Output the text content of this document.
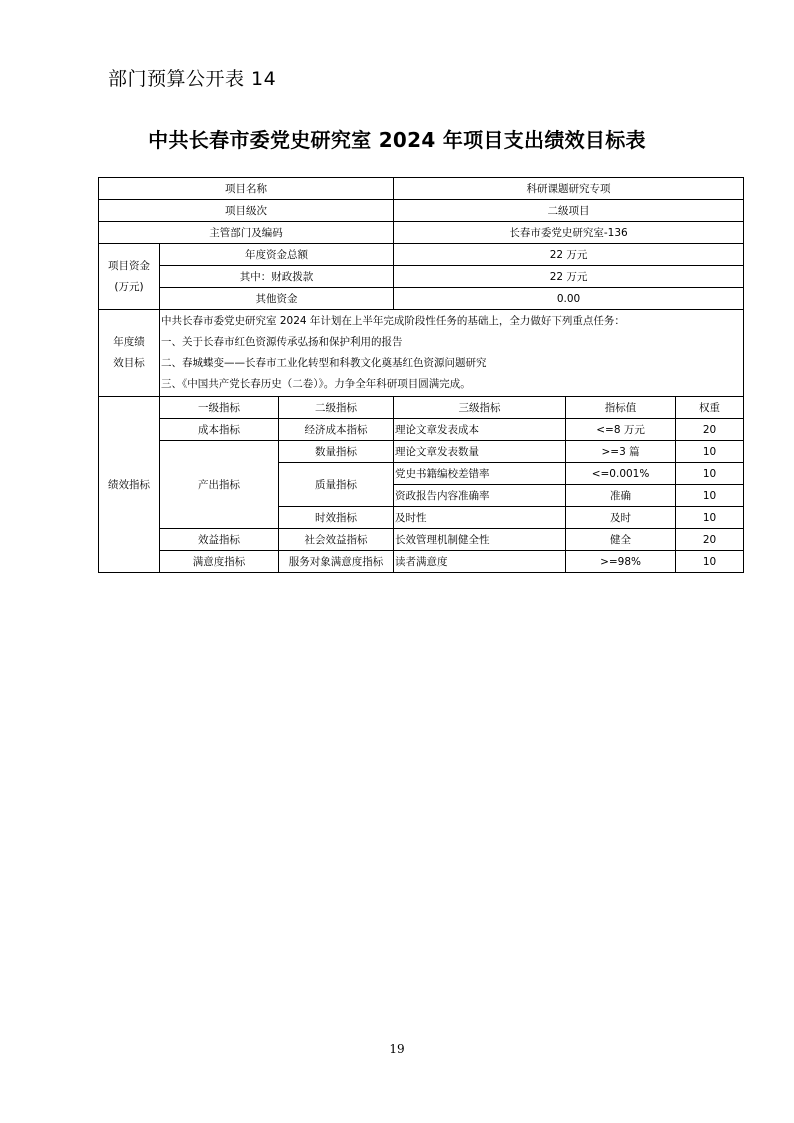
部门预算公开表 14
中共长春市委党史研究室 2024 年项目支出绩效目标表
项目名称			科研课题研究专项		
项目级次			二级项目		
主管部门及编码			长春市委党史研究室-136		
项目资金(万元)	年度资金总额		22 万元		
	其中：财政拨款		22 万元		
	其他资金		0.00		
年度绩效目标	中共长春市委党史研究室 2024 年计划在上半年完成阶段性任务的基础上，全力做好下列重点任务：
一、关于长春市红色资源传承弘扬和保护利用的报告
二、春城蝶变——长春市工业化转型和科教文化奠基红色资源问题研究
三、《中国共产党长春历史（二卷）》。力争全年科研项目圆满完成。				

绩效指标	一级指标	二级指标	三级指标	指标值	权重
	成本指标	经济成本指标	理论文章发表成本	<=8 万元	20
	产出指标	数量指标	理论文章发表数量	>=3 篇	10
		质量指标	党史书籍编校差错率	<=0.001%	10
			资政报告内容准确率	准确	10
		时效指标	及时性	及时	10
	效益指标	社会效益指标	长效管理机制健全性	健全	20
	满意度指标	服务对象满意度指标	读者满意度	>=98%	10
19
